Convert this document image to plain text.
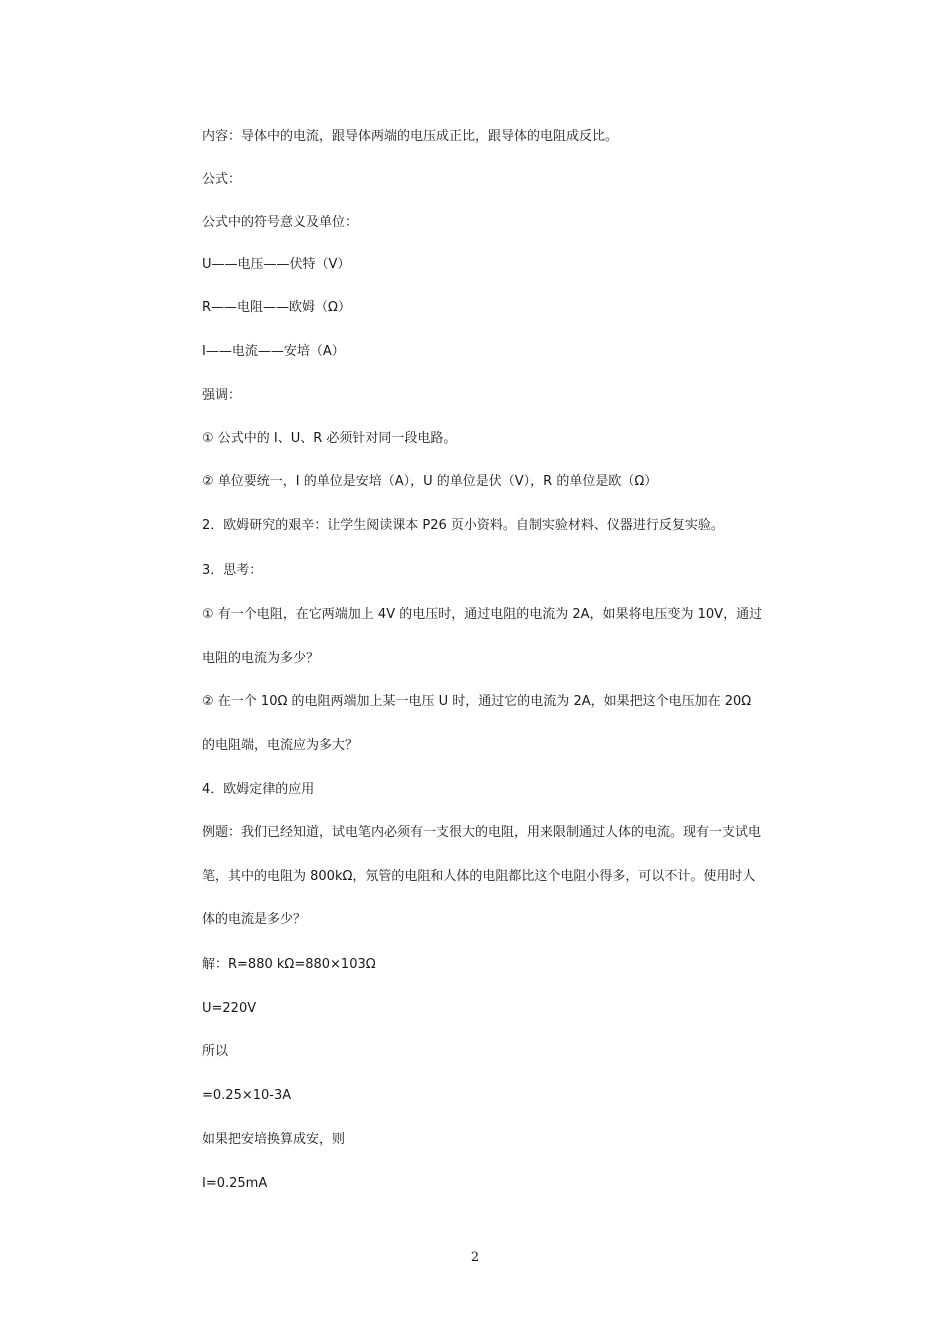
内容：导体中的电流，跟导体两端的电压成正比，跟导体的电阻成反比。
公式：
公式中的符号意义及单位：
U——电压——伏特（V）
R——电阻——欧姆（Ω）
I——电流——安培（A）
强调：
① 公式中的 I、U、R 必须针对同一段电路。
② 单位要统一，I 的单位是安培（A），U 的单位是伏（V），R 的单位是欧（Ω）
2．欧姆研究的艰辛：让学生阅读课本 P26 页小资料。自制实验材料、仪器进行反复实验。
3．思考：
① 有一个电阻，在它两端加上 4V 的电压时，通过电阻的电流为 2A，如果将电压变为 10V，通过
电阻的电流为多少？
② 在一个 10Ω 的电阻两端加上某一电压 U 时，通过它的电流为 2A，如果把这个电压加在 20Ω
的电阻端，电流应为多大？
4．欧姆定律的应用
例题：我们已经知道，试电笔内必须有一支很大的电阻，用来限制通过人体的电流。现有一支试电
笔，其中的电阻为 800kΩ，氖管的电阻和人体的电阻都比这个电阻小得多，可以不计。使用时人
体的电流是多少？
解：R=880 kΩ=880×103Ω
U=220V
所以
=0.25×10-3A
如果把安培换算成安，则
I=0.25mA
2
